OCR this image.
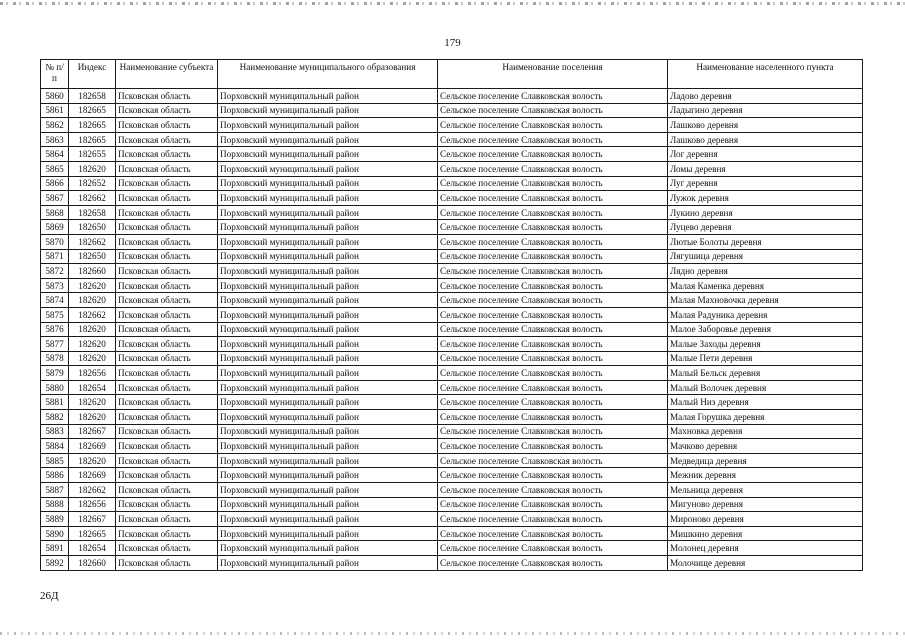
179
№ п/п	Индекс	Наименование субъекта	Наименование муниципального образования	Наименование поселения	Наименование населенного пункта
5860	182658	Псковская область	Порховский муниципальный район	Сельское поселение Славковская волость	Ладово деревня
5861	182665	Псковская область	Порховский муниципальный район	Сельское поселение Славковская волость	Ладыгино деревня
5862	182665	Псковская область	Порховский муниципальный район	Сельское поселение Славковская волость	Лашково деревня
5863	182665	Псковская область	Порховский муниципальный район	Сельское поселение Славковская волость	Лашково деревня
5864	182655	Псковская область	Порховский муниципальный район	Сельское поселение Славковская волость	Лог деревня
5865	182620	Псковская область	Порховский муниципальный район	Сельское поселение Славковская волость	Ломы деревня
5866	182652	Псковская область	Порховский муниципальный район	Сельское поселение Славковская волость	Луг деревня
5867	182662	Псковская область	Порховский муниципальный район	Сельское поселение Славковская волость	Лужок деревня
5868	182658	Псковская область	Порховский муниципальный район	Сельское поселение Славковская волость	Лукино деревня
5869	182650	Псковская область	Порховский муниципальный район	Сельское поселение Славковская волость	Луцево деревня
5870	182662	Псковская область	Порховский муниципальный район	Сельское поселение Славковская волость	Лютые Болоты деревня
5871	182650	Псковская область	Порховский муниципальный район	Сельское поселение Славковская волость	Лягушица деревня
5872	182660	Псковская область	Порховский муниципальный район	Сельское поселение Славковская волость	Лядно деревня
5873	182620	Псковская область	Порховский муниципальный район	Сельское поселение Славковская волость	Малая Каменка деревня
5874	182620	Псковская область	Порховский муниципальный район	Сельское поселение Славковская волость	Малая Махновочка деревня
5875	182662	Псковская область	Порховский муниципальный район	Сельское поселение Славковская волость	Малая Радуника деревня
5876	182620	Псковская область	Порховский муниципальный район	Сельское поселение Славковская волость	Малое Заборовье деревня
5877	182620	Псковская область	Порховский муниципальный район	Сельское поселение Славковская волость	Малые Заходы деревня
5878	182620	Псковская область	Порховский муниципальный район	Сельское поселение Славковская волость	Малые Пети деревня
5879	182656	Псковская область	Порховский муниципальный район	Сельское поселение Славковская волость	Малый Бельск деревня
5880	182654	Псковская область	Порховский муниципальный район	Сельское поселение Славковская волость	Малый Волочек деревня
5881	182620	Псковская область	Порховский муниципальный район	Сельское поселение Славковская волость	Малый Низ деревня
5882	182620	Псковская область	Порховский муниципальный район	Сельское поселение Славковская волость	Малая Горушка деревня
5883	182667	Псковская область	Порховский муниципальный район	Сельское поселение Славковская волость	Махновка деревня
5884	182669	Псковская область	Порховский муниципальный район	Сельское поселение Славковская волость	Мачково деревня
5885	182620	Псковская область	Порховский муниципальный район	Сельское поселение Славковская волость	Медведица деревня
5886	182669	Псковская область	Порховский муниципальный район	Сельское поселение Славковская волость	Межник деревня
5887	182662	Псковская область	Порховский муниципальный район	Сельское поселение Славковская волость	Мельница деревня
5888	182656	Псковская область	Порховский муниципальный район	Сельское поселение Славковская волость	Мигуново деревня
5889	182667	Псковская область	Порховский муниципальный район	Сельское поселение Славковская волость	Мироново деревня
5890	182665	Псковская область	Порховский муниципальный район	Сельское поселение Славковская волость	Мишкино деревня
5891	182654	Псковская область	Порховский муниципальный район	Сельское поселение Славковская волость	Молонец деревня
5892	182660	Псковская область	Порховский муниципальный район	Сельское поселение Славковская волость	Молочище деревня
26Д
